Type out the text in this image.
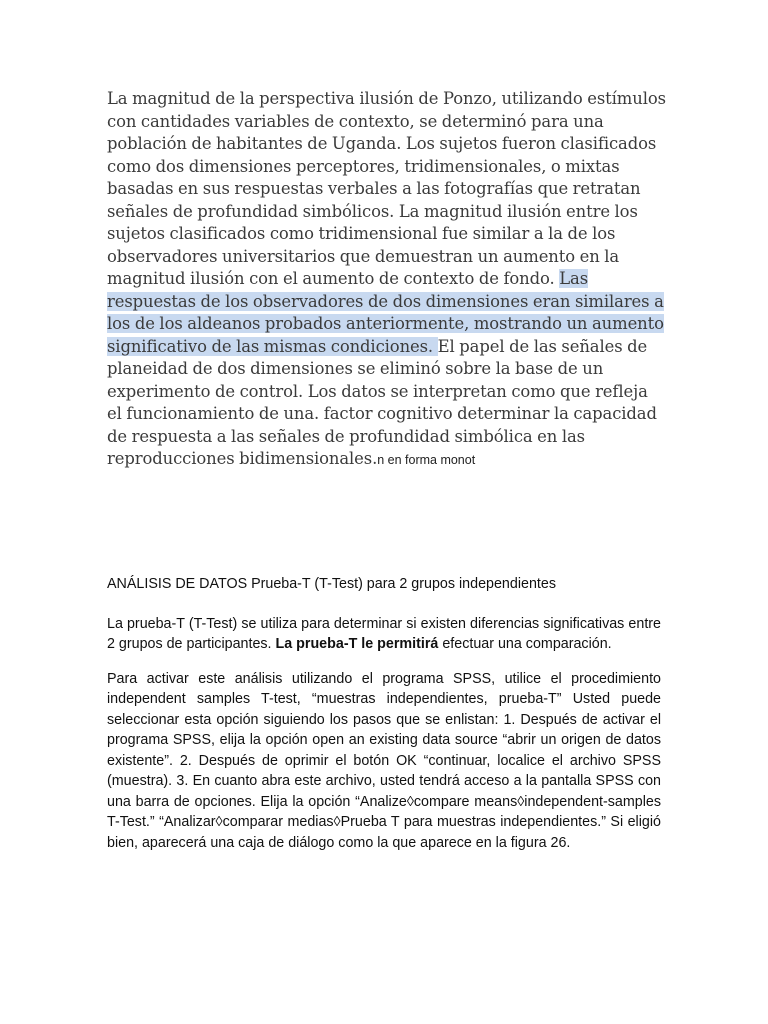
La magnitud de la perspectiva ilusión de Ponzo, utilizando estímulos con cantidades variables de contexto, se determinó para una población de habitantes de Uganda. Los sujetos fueron clasificados como dos dimensiones perceptores, tridimensionales, o mixtas basadas en sus respuestas verbales a las fotografías que retratan señales de profundidad simbólicos. La magnitud ilusión entre los sujetos clasificados como tridimensional fue similar a la de los observadores universitarios que demuestran un aumento en la magnitud ilusión con el aumento de contexto de fondo. Las respuestas de los observadores de dos dimensiones eran similares a los de los aldeanos probados anteriormente, mostrando un aumento significativo de las mismas condiciones. El papel de las señales de planeidad de dos dimensiones se eliminó sobre la base de un experimento de control. Los datos se interpretan como que refleja el funcionamiento de una. factor cognitivo determinar la capacidad de respuesta a las señales de profundidad simbólica en las reproducciones bidimensionales.n en forma monot

ANÁLISIS DE DATOS Prueba-T (T-Test) para 2 grupos independientes

La prueba-T (T-Test) se utiliza para determinar si existen diferencias significativas entre 2 grupos de participantes. La prueba-T le permitirá efectuar una comparación.

Para activar este análisis utilizando el programa SPSS, utilice el procedimiento independent samples T-test, “muestras independientes, prueba-T” Usted puede seleccionar esta opción siguiendo los pasos que se enlistan: 1. Después de activar el programa SPSS, elija la opción open an existing data source “abrir un origen de datos existente”. 2. Después de oprimir el botón OK “continuar, localice el archivo SPSS (muestra). 3. En cuanto abra este archivo, usted tendrá acceso a la pantalla SPSS con una barra de opciones. Elija la opción “Analize◊compare means◊independent-samples T-Test.” “Analizar◊comparar medias◊Prueba T para muestras independientes.” Si eligió bien, aparecerá una caja de diálogo como la que aparece en la figura 26.
